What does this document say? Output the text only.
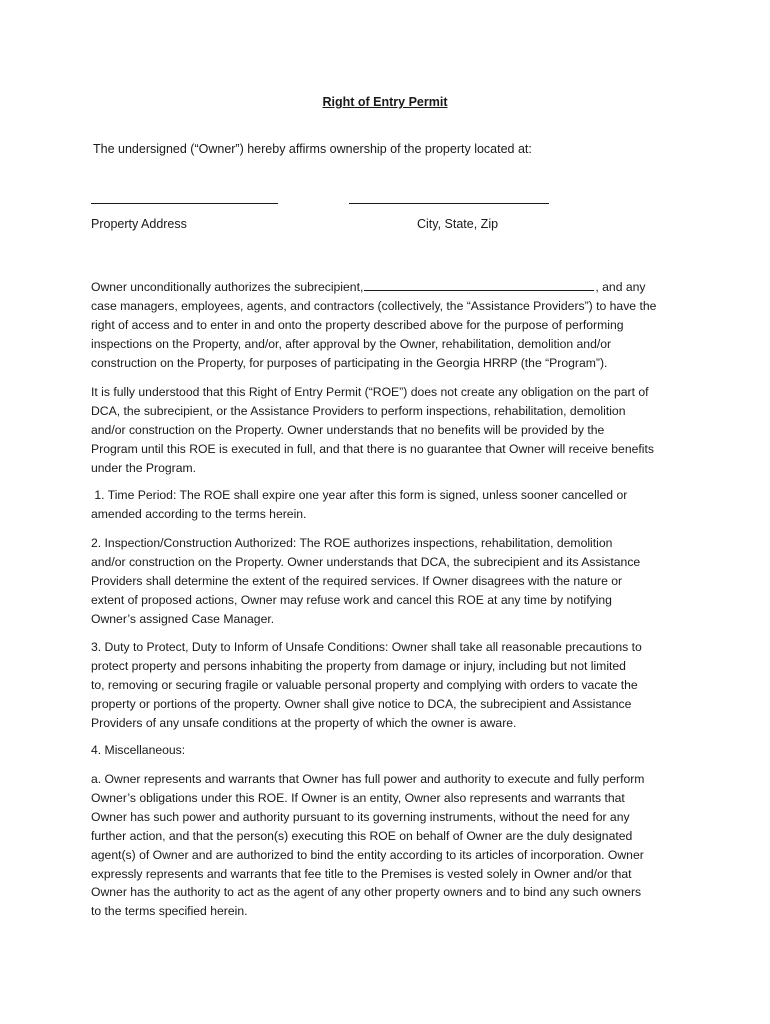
Right of Entry Permit
The undersigned (“Owner”) hereby affirms ownership of the property located at:
Property Address	City, State, Zip
Owner unconditionally authorizes the subrecipient,	, and any
case managers, employees, agents, and contractors (collectively, the “Assistance Providers”) to have the
right of access and to enter in and onto the property described above for the purpose of performing
inspections on the Property, and/or, after approval by the Owner, rehabilitation, demolition and/or
construction on the Property, for purposes of participating in the Georgia HRRP (the “Program”).
It is fully understood that this Right of Entry Permit (“ROE”) does not create any obligation on the part of
DCA, the subrecipient, or the Assistance Providers to perform inspections, rehabilitation, demolition
and/or construction on the Property. Owner understands that no benefits will be provided by the
Program until this ROE is executed in full, and that there is no guarantee that Owner will receive benefits
under the Program.
1. Time Period: The ROE shall expire one year after this form is signed, unless sooner cancelled or
amended according to the terms herein.
2. Inspection/Construction Authorized: The ROE authorizes inspections, rehabilitation, demolition
and/or construction on the Property. Owner understands that DCA, the subrecipient and its Assistance
Providers shall determine the extent of the required services. If Owner disagrees with the nature or
extent of proposed actions, Owner may refuse work and cancel this ROE at any time by notifying
Owner’s assigned Case Manager.
3. Duty to Protect, Duty to Inform of Unsafe Conditions: Owner shall take all reasonable precautions to
protect property and persons inhabiting the property from damage or injury, including but not limited
to, removing or securing fragile or valuable personal property and complying with orders to vacate the
property or portions of the property. Owner shall give notice to DCA, the subrecipient and Assistance
Providers of any unsafe conditions at the property of which the owner is aware.
4. Miscellaneous:
a. Owner represents and warrants that Owner has full power and authority to execute and fully perform
Owner’s obligations under this ROE. If Owner is an entity, Owner also represents and warrants that
Owner has such power and authority pursuant to its governing instruments, without the need for any
further action, and that the person(s) executing this ROE on behalf of Owner are the duly designated
agent(s) of Owner and are authorized to bind the entity according to its articles of incorporation. Owner
expressly represents and warrants that fee title to the Premises is vested solely in Owner and/or that
Owner has the authority to act as the agent of any other property owners and to bind any such owners
to the terms specified herein.
